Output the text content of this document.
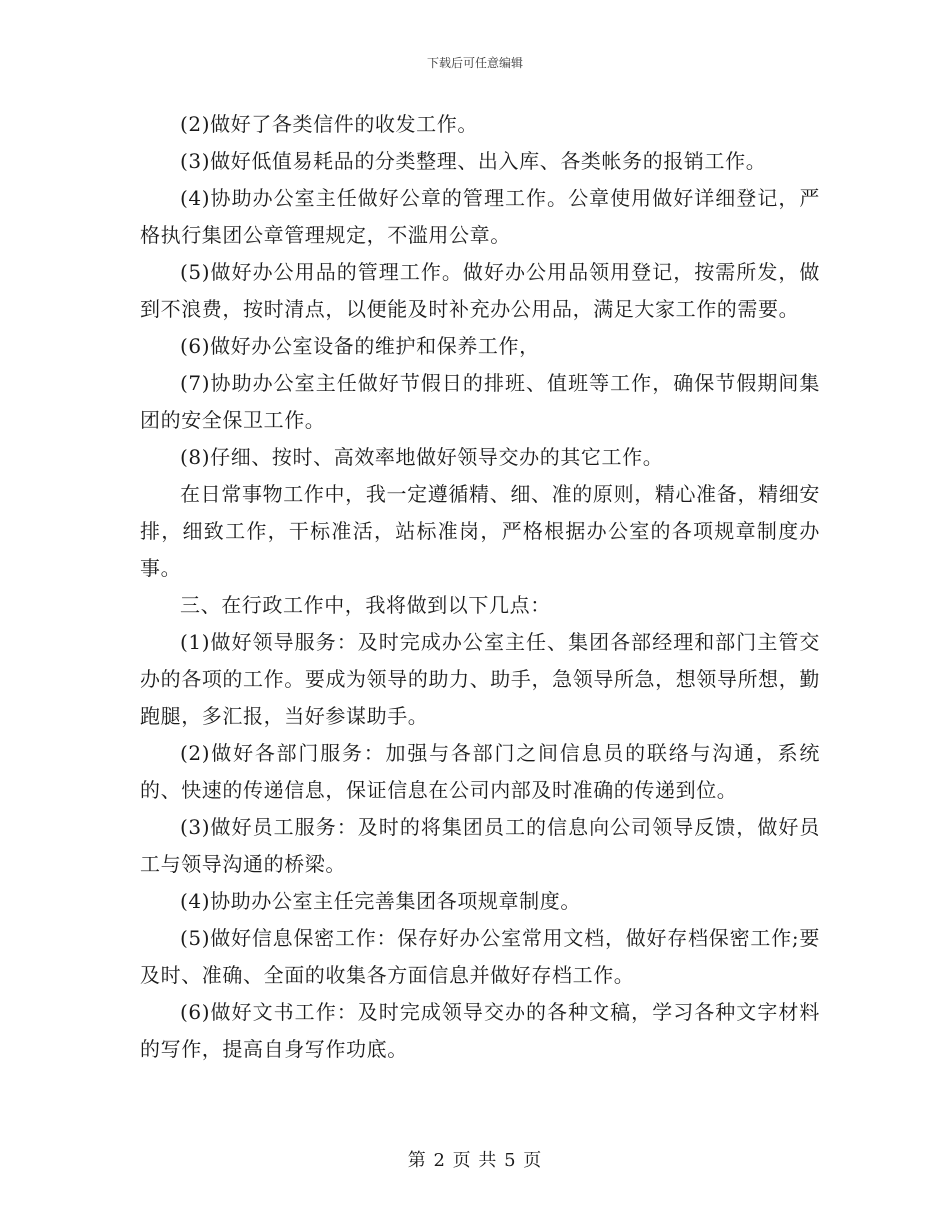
下载后可任意编辑

(2)做好了各类信件的收发工作。

(3)做好低值易耗品的分类整理、出入库、各类帐务的报销工作。

(4)协助办公室主任做好公章的管理工作。公章使用做好详细登记，严格执行集团公章管理规定，不滥用公章。

(5)做好办公用品的管理工作。做好办公用品领用登记，按需所发，做到不浪费，按时清点，以便能及时补充办公用品，满足大家工作的需要。

(6)做好办公室设备的维护和保养工作，

(7)协助办公室主任做好节假日的排班、值班等工作，确保节假期间集团的安全保卫工作。

(8)仔细、按时、高效率地做好领导交办的其它工作。

在日常事物工作中，我一定遵循精、细、准的原则，精心准备，精细安排，细致工作，干标准活，站标准岗，严格根据办公室的各项规章制度办事。

三、在行政工作中，我将做到以下几点：

(1)做好领导服务：及时完成办公室主任、集团各部经理和部门主管交办的各项的工作。要成为领导的助力、助手，急领导所急，想领导所想，勤跑腿，多汇报，当好参谋助手。

(2)做好各部门服务：加强与各部门之间信息员的联络与沟通，系统的、快速的传递信息，保证信息在公司内部及时准确的传递到位。

(3)做好员工服务：及时的将集团员工的信息向公司领导反馈，做好员工与领导沟通的桥梁。

(4)协助办公室主任完善集团各项规章制度。

(5)做好信息保密工作：保存好办公室常用文档，做好存档保密工作;要及时、准确、全面的收集各方面信息并做好存档工作。

(6)做好文书工作：及时完成领导交办的各种文稿，学习各种文字材料的写作，提高自身写作功底。

第 2 页 共 5 页
